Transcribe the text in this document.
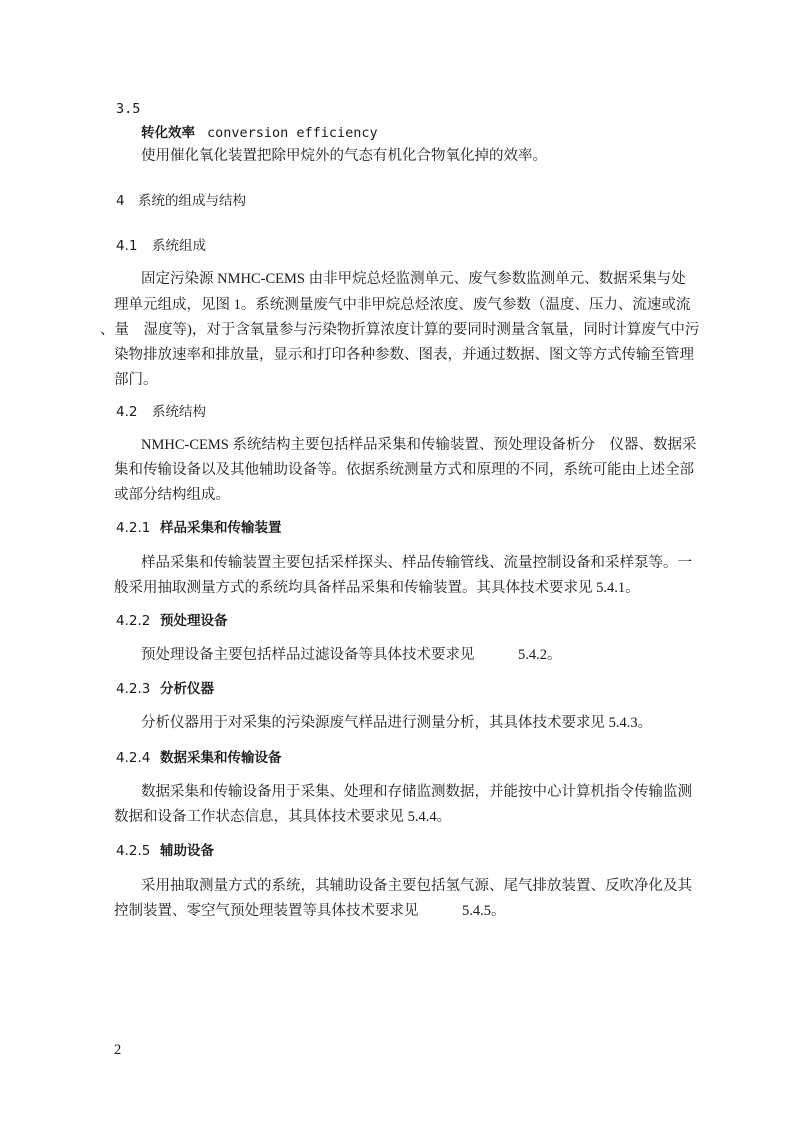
3.5
转化效率 conversion efficiency
使用催化氧化装置把除甲烷外的气态有机化合物氧化掉的效率。
4 系统的组成与结构
4.1 系统组成
固定污染源 NMHC-CEMS 由非甲烷总烃监测单元、废气参数监测单元、数据采集与处
理单元组成，见图 1。系统测量废气中非甲烷总烃浓度、废气参数（温度、压力、流速或流
、量　湿度等)，对于含氧量参与污染物折算浓度计算的要同时测量含氧量，同时计算废气中污
染物排放速率和排放量，显示和打印各种参数、图表，并通过数据、图文等方式传输至管理
部门。
4.2 系统结构
NMHC-CEMS 系统结构主要包括样品采集和传输装置、预处理设备析分　仪器、数据采
集和传输设备以及其他辅助设备等。依据系统测量方式和原理的不同，系统可能由上述全部
或部分结构组成。
4.2.1 样品采集和传输装置
样品采集和传输装置主要包括采样探头、样品传输管线、流量控制设备和采样泵等。一
般采用抽取测量方式的系统均具备样品采集和传输装置。其具体技术要求见 5.4.1。
4.2.2 预处理设备
预处理设备主要包括样品过滤设备等具体技术要求见　　　5.4.2。
4.2.3 分析仪器
分析仪器用于对采集的污染源废气样品进行测量分析，其具体技术要求见 5.4.3。
4.2.4 数据采集和传输设备
数据采集和传输设备用于采集、处理和存储监测数据，并能按中心计算机指令传输监测
数据和设备工作状态信息，其具体技术要求见 5.4.4。
4.2.5 辅助设备
采用抽取测量方式的系统，其辅助设备主要包括氢气源、尾气排放装置、反吹净化及其
控制装置、零空气预处理装置等具体技术要求见　　　5.4.5。
2
